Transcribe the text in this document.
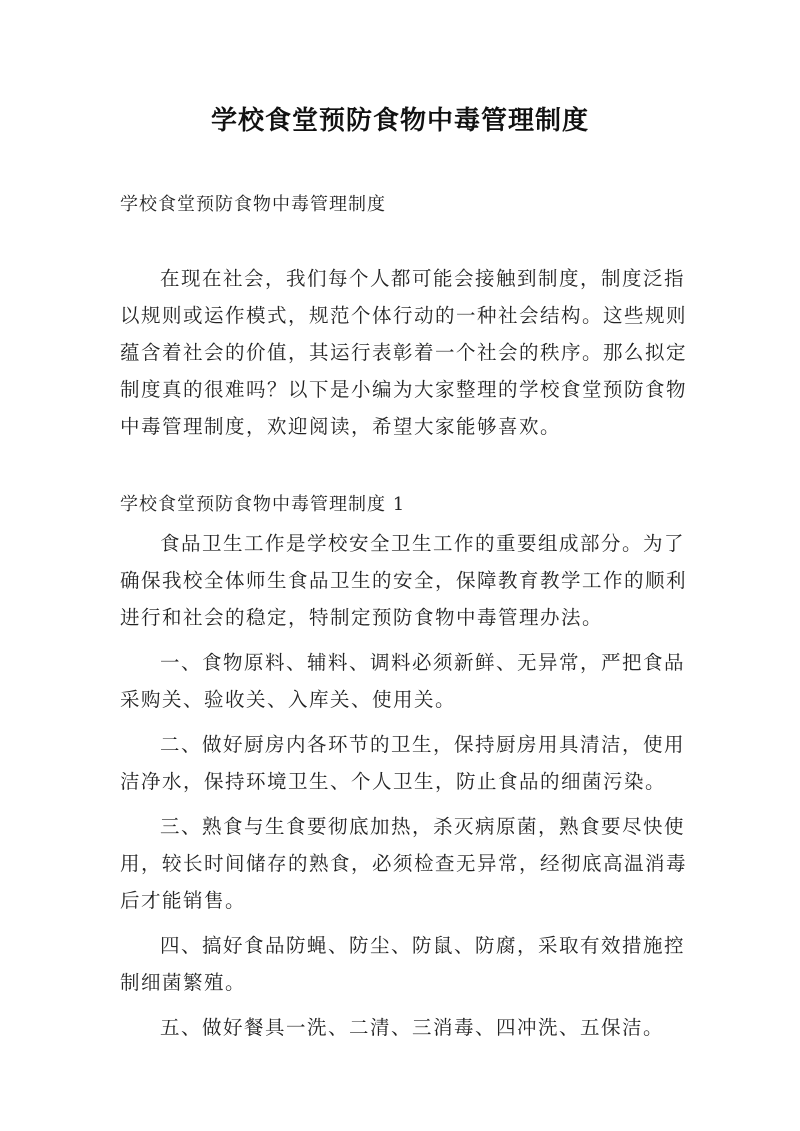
学校食堂预防食物中毒管理制度
学校食堂预防食物中毒管理制度

在现在社会，我们每个人都可能会接触到制度，制度泛指以规则或运作模式，规范个体行动的一种社会结构。这些规则蕴含着社会的价值，其运行表彰着一个社会的秩序。那么拟定制度真的很难吗？以下是小编为大家整理的学校食堂预防食物中毒管理制度，欢迎阅读，希望大家能够喜欢。

学校食堂预防食物中毒管理制度 1

食品卫生工作是学校安全卫生工作的重要组成部分。为了确保我校全体师生食品卫生的安全，保障教育教学工作的顺利进行和社会的稳定，特制定预防食物中毒管理办法。

一、食物原料、辅料、调料必须新鲜、无异常，严把食品采购关、验收关、入库关、使用关。

二、做好厨房内各环节的卫生，保持厨房用具清洁，使用洁净水，保持环境卫生、个人卫生，防止食品的细菌污染。

三、熟食与生食要彻底加热，杀灭病原菌，熟食要尽快使用，较长时间储存的熟食，必须检查无异常，经彻底高温消毒后才能销售。

四、搞好食品防蝇、防尘、防鼠、防腐，采取有效措施控制细菌繁殖。

五、做好餐具一洗、二清、三消毒、四冲洗、五保洁。
